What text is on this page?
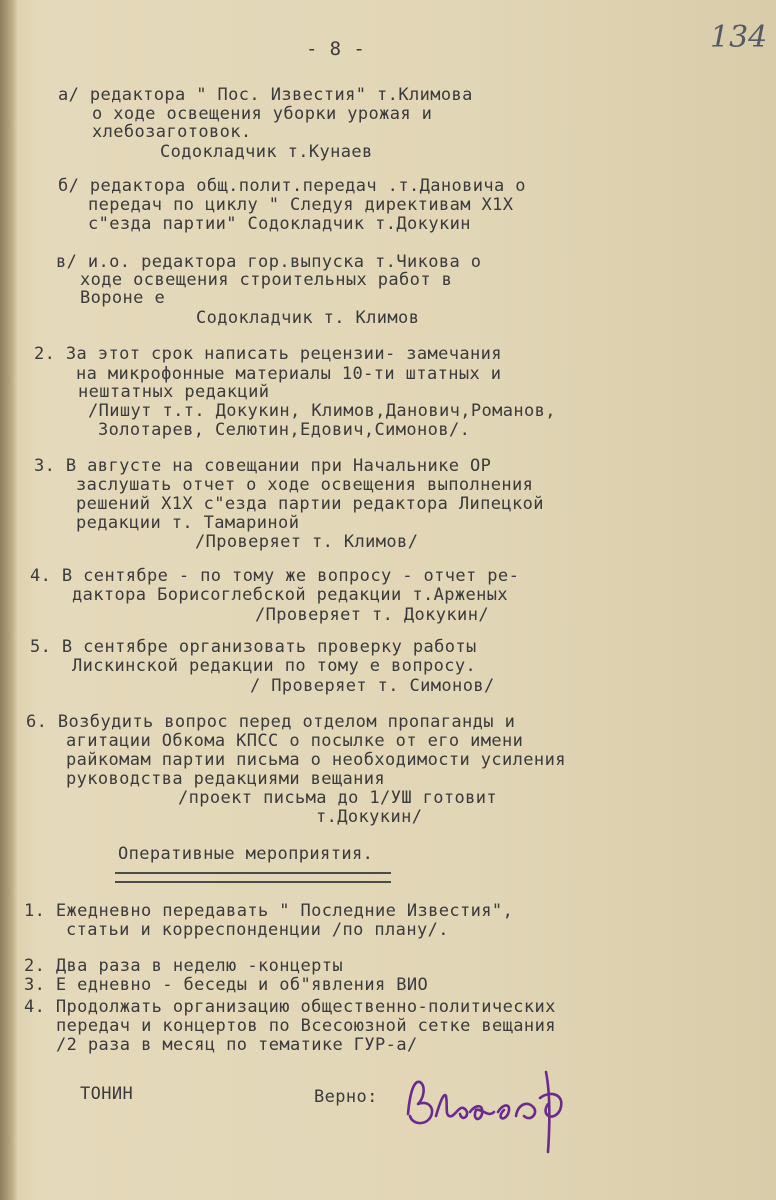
- 8 -	134
а/ редактора " Пос. Известия" т.Климова
о ходе освещения уборки урожая и
хлебозаготовок.
Содокладчик т.Кунаев
б/ редактора общ.полит.передач .т.Дановича о
передач по циклу " Следуя директивам Х1Х
с"езда партии" Содокладчик т.Докукин
в/ и.о. редактора гор.выпуска т.Чикова о
ходе освещения строительных работ в
Вороне е
Содокладчик т. Климов
2. За этот срок написать рецензии- замечания
на микрофонные материалы 10-ти штатных и
нештатных редакций
/Пишут т.т. Докукин, Климов,Данович,Романов,
Золотарев, Селютин,Едович,Симонов/.
3. В августе на совещании при Начальнике ОР
заслушать отчет о ходе освещения выполнения
решений Х1Х с"езда партии редактора Липецкой
редакции т. Тамариной
/Проверяет т. Климов/
4. В сентябре - по тому же вопросу - отчет ре-
дактора Борисоглебской редакции т.Арженых
/Проверяет т. Докукин/
5. В сентябре организовать проверку работы
Лискинской редакции по тому е вопросу.
/ Проверяет т. Симонов/
6. Возбудить вопрос перед отделом пропаганды и
агитации Обкома КПСС о посылке от его имени
райкомам партии письма о необходимости усиления
руководства редакциями вещания
/проект письма до 1/УШ готовит
т.Докукин/
Оперативные мероприятия.
1. Ежедневно передавать " Последние Известия",
статьи и корреспонденции /по плану/.
2. Два раза в неделю -концерты
3. Е едневно - беседы и об"явления ВИО
4. Продолжать организацию общественно-политических
передач и концертов по Всесоюзной сетке вещания
/2 раза в месяц по тематике ГУР-а/
ТОНИН	Верно:
